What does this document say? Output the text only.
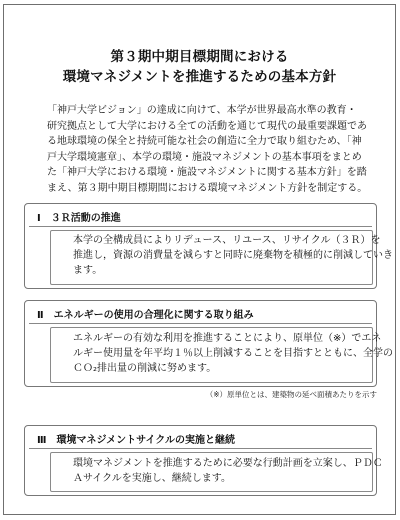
第３期中期目標期間における
環境マネジメントを推進するための基本方針
「神戸大学ビジョン」の達成に向けて、本学が世界最高水準の教育・
研究拠点として大学における全ての活動を通じて現代の最重要課題であ
る地球環境の保全と持続可能な社会の創造に全力で取り組むため、「神
戸大学環境憲章」、本学の環境・施設マネジメントの基本事項をまとめ
た「神戸大学における環境・施設マネジメントに関する基本方針」を踏
まえ、第３期中期目標期間における環境マネジメント方針を制定する。
Ⅰ　３Ｒ活動の推進
本学の全構成員によりリデュース、リユース、リサイクル（３Ｒ）を
推進し，資源の消費量を減らすと同時に廃棄物を積極的に削減していき
ます。
Ⅱ　エネルギーの使用の合理化に関する取り組み
エネルギーの有効な利用を推進することにより、原単位（※）でエネ
ルギー使用量を年平均１％以上削減することを目指すとともに、全学の
ＣＯ₂排出量の削減に努めます。
（※）原単位とは、建築物の延べ面積あたりを示す
Ⅲ　環境マネジメントサイクルの実施と継続
環境マネジメントを推進するために必要な行動計画を立案し、ＰＤＣ
Ａサイクルを実施し、継続します。
